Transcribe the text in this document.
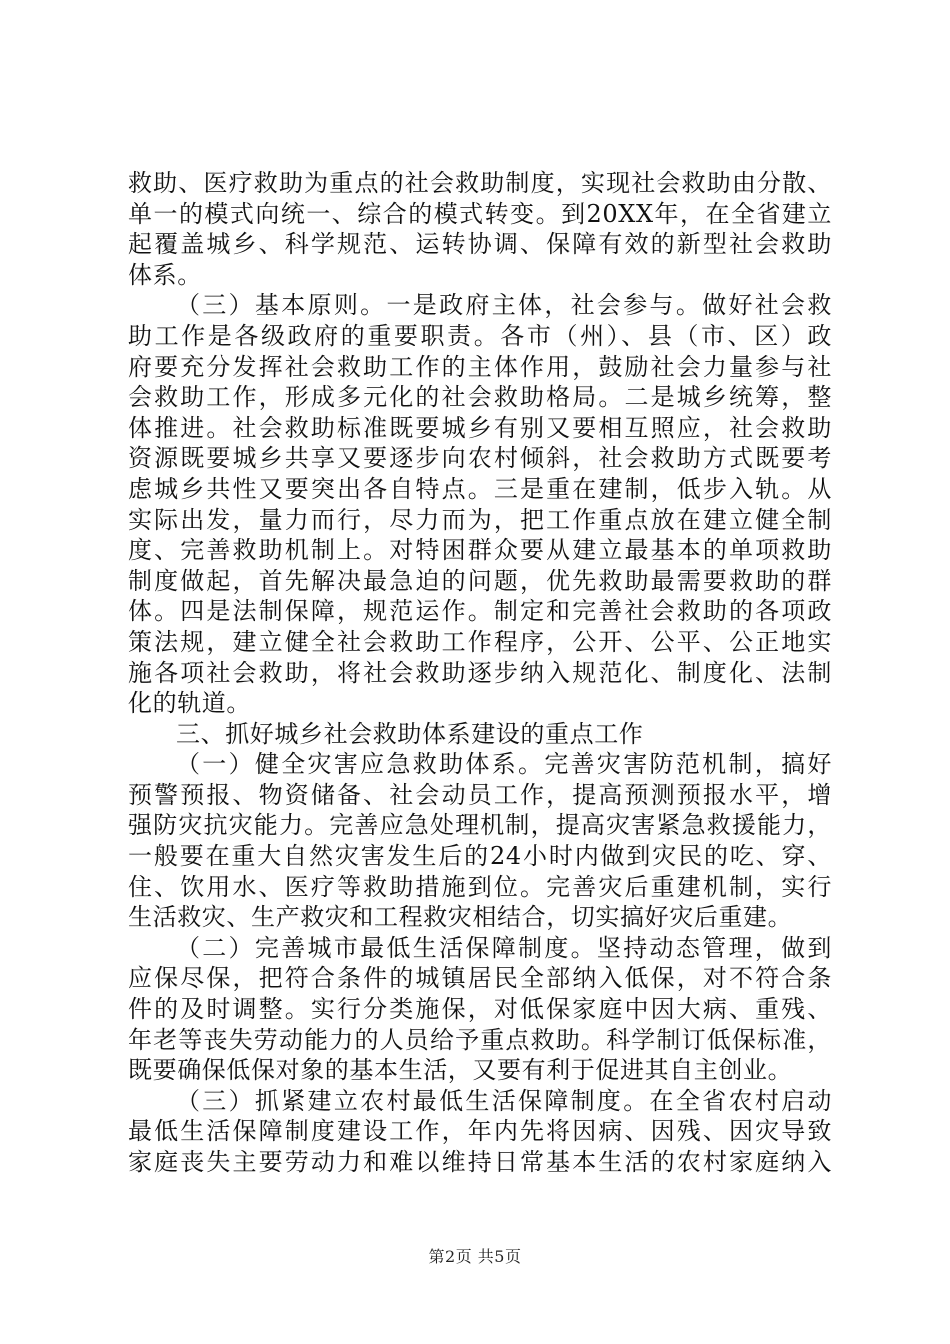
救助、医疗救助为重点的社会救助制度，实现社会救助由分散、
单一的模式向统一、综合的模式转变。到20XX年，在全省建立
起覆盖城乡、科学规范、运转协调、保障有效的新型社会救助
体系。
（三）基本原则。一是政府主体，社会参与。做好社会救
助工作是各级政府的重要职责。各市（州）、县（市、区）政
府要充分发挥社会救助工作的主体作用，鼓励社会力量参与社
会救助工作，形成多元化的社会救助格局。二是城乡统筹，整
体推进。社会救助标准既要城乡有别又要相互照应，社会救助
资源既要城乡共享又要逐步向农村倾斜，社会救助方式既要考
虑城乡共性又要突出各自特点。三是重在建制，低步入轨。从
实际出发，量力而行，尽力而为，把工作重点放在建立健全制
度、完善救助机制上。对特困群众要从建立最基本的单项救助
制度做起，首先解决最急迫的问题，优先救助最需要救助的群
体。四是法制保障，规范运作。制定和完善社会救助的各项政
策法规，建立健全社会救助工作程序，公开、公平、公正地实
施各项社会救助，将社会救助逐步纳入规范化、制度化、法制
化的轨道。
三、抓好城乡社会救助体系建设的重点工作
（一）健全灾害应急救助体系。完善灾害防范机制，搞好
预警预报、物资储备、社会动员工作，提高预测预报水平，增
强防灾抗灾能力。完善应急处理机制，提高灾害紧急救援能力，
一般要在重大自然灾害发生后的24小时内做到灾民的吃、穿、
住、饮用水、医疗等救助措施到位。完善灾后重建机制，实行
生活救灾、生产救灾和工程救灾相结合，切实搞好灾后重建。
（二）完善城市最低生活保障制度。坚持动态管理，做到
应保尽保，把符合条件的城镇居民全部纳入低保，对不符合条
件的及时调整。实行分类施保，对低保家庭中因大病、重残、
年老等丧失劳动能力的人员给予重点救助。科学制订低保标准，
既要确保低保对象的基本生活，又要有利于促进其自主创业。
（三）抓紧建立农村最低生活保障制度。在全省农村启动
最低生活保障制度建设工作，年内先将因病、因残、因灾导致
家庭丧失主要劳动力和难以维持日常基本生活的农村家庭纳入
第2页 共5页
